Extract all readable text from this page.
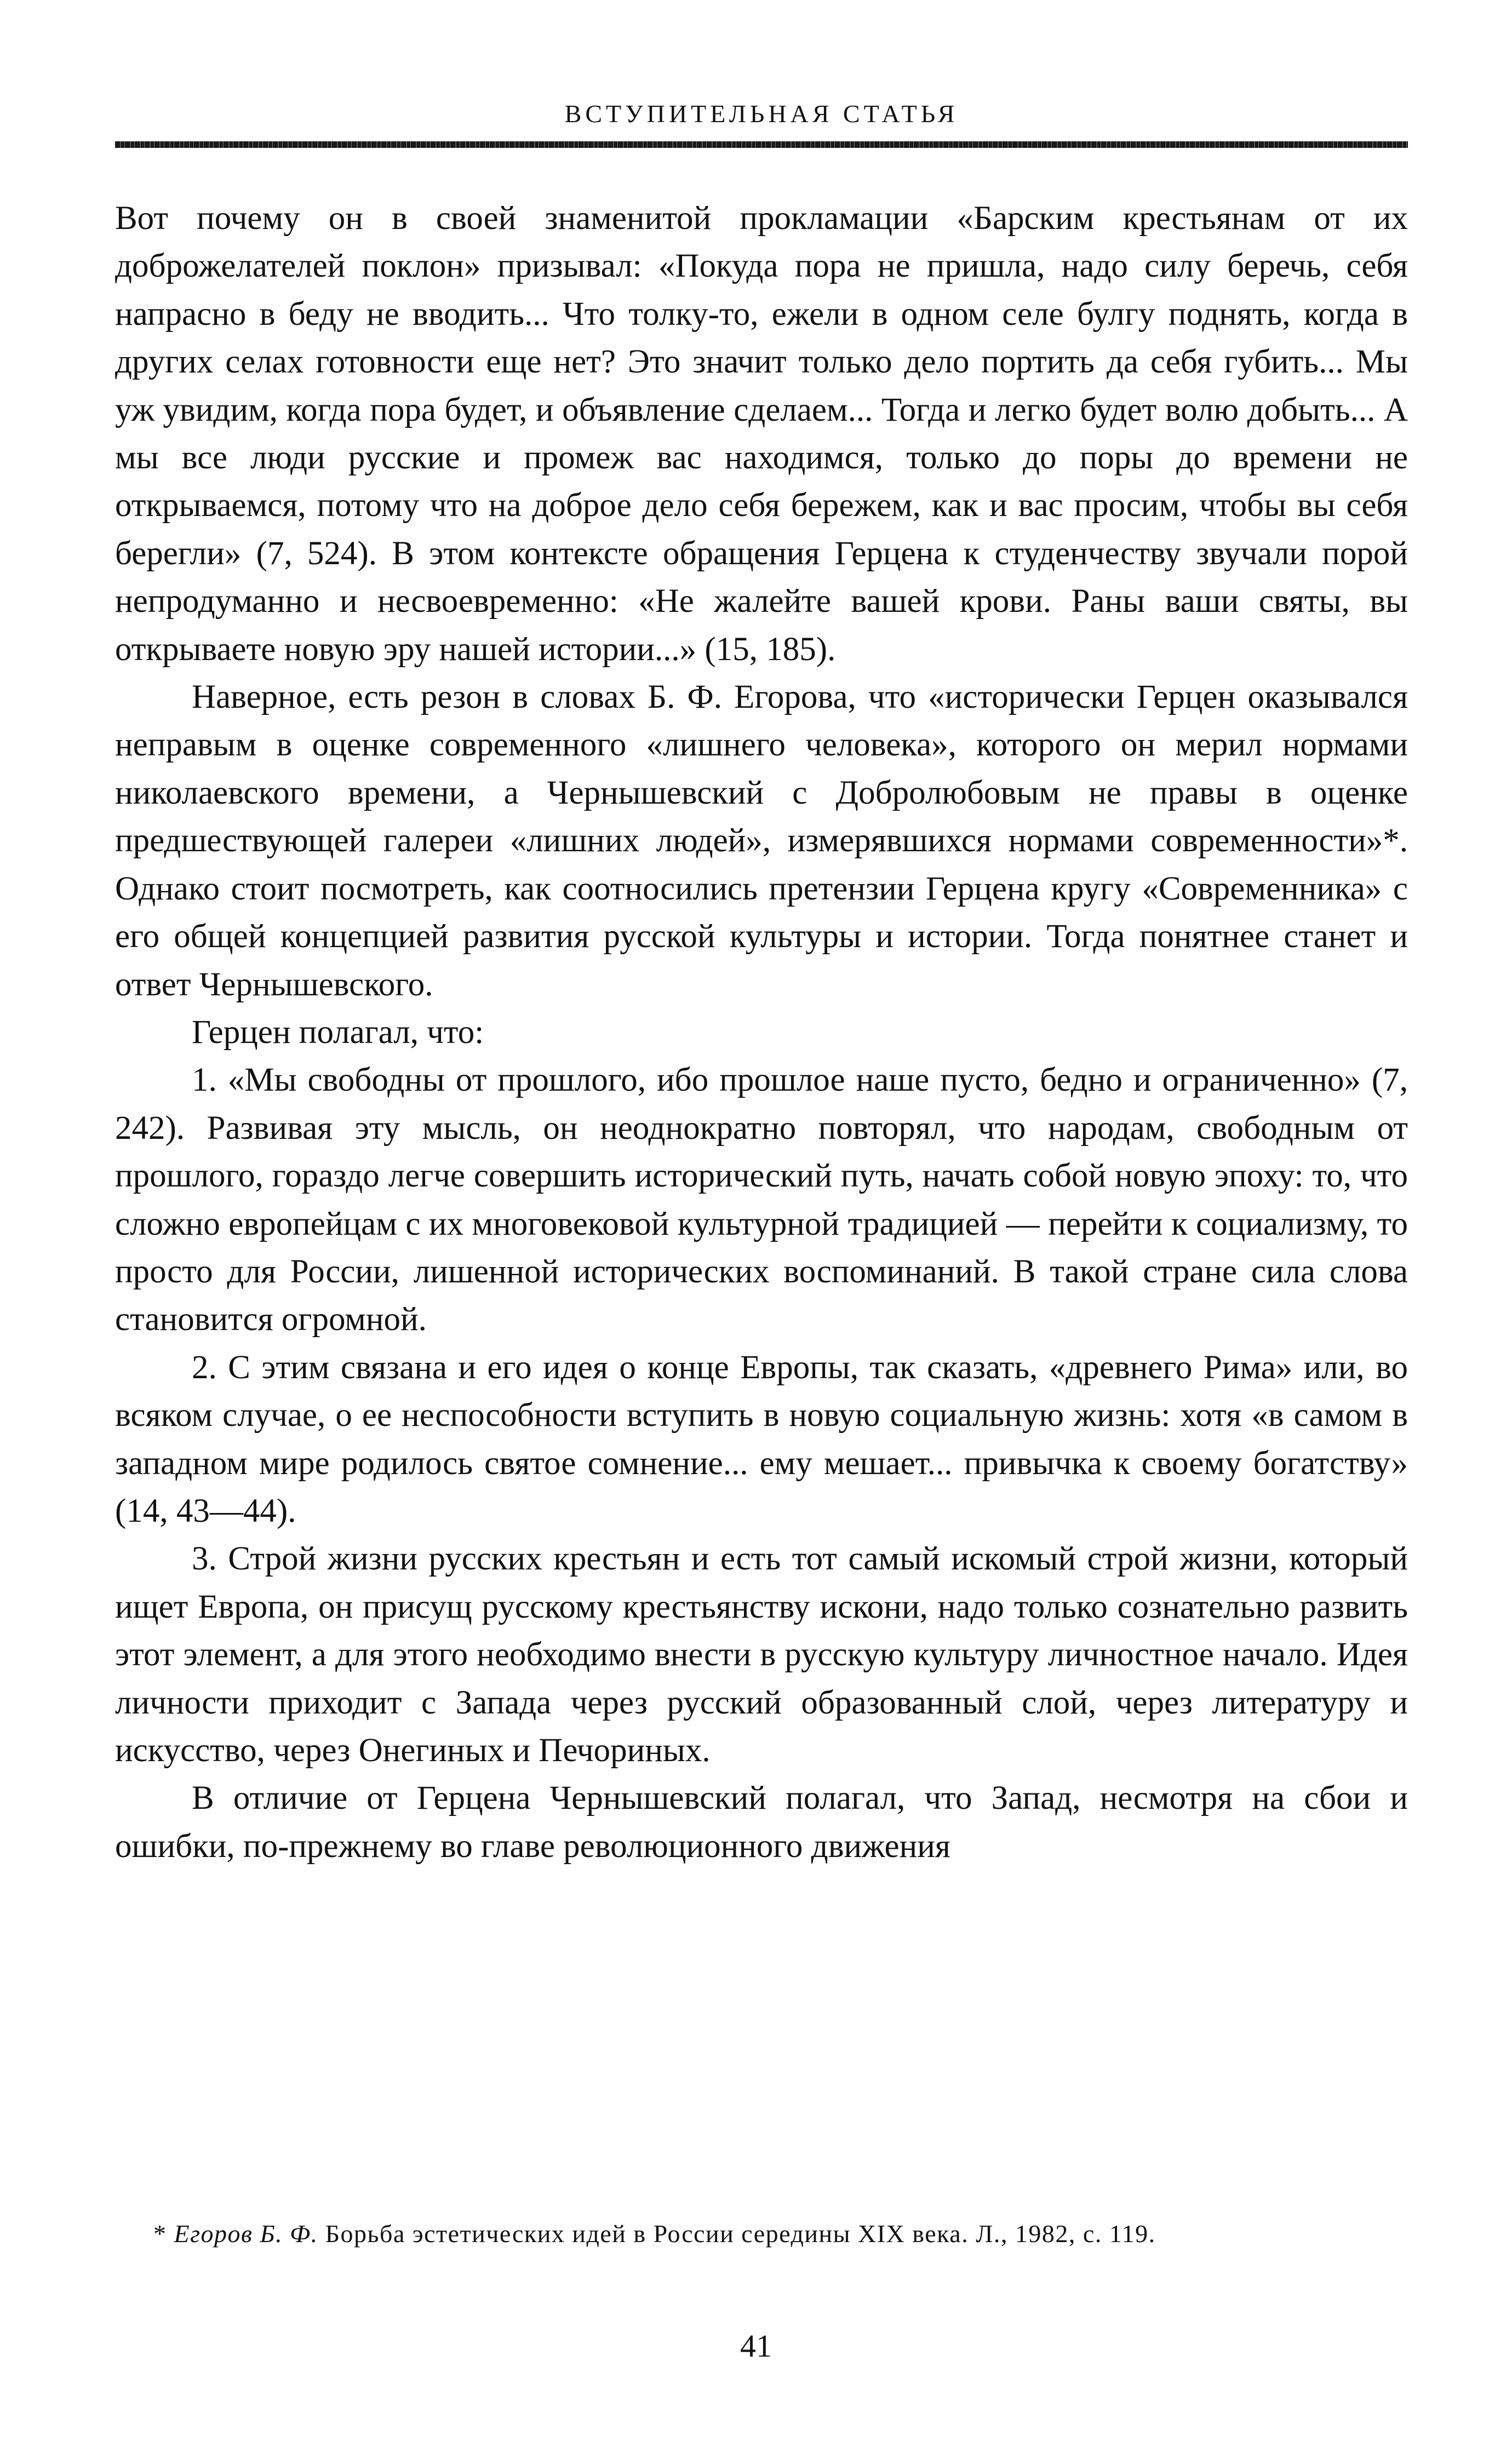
ВСТУПИТЕЛЬНАЯ СТАТЬЯ

Вот почему он в своей знаменитой прокламации «Барским крестьянам от их доброжелателей поклон» призывал: «Покуда пора не пришла, надо силу беречь, себя напрасно в беду не вводить... Что толку-то, ежели в одном селе булгу поднять, когда в других селах готовности еще нет? Это значит только дело портить да себя губить... Мы уж увидим, когда пора будет, и объявление сделаем... Тогда и легко будет волю добыть... А мы все люди русские и промеж вас находимся, только до поры до времени не открываемся, потому что на доброе дело себя бережем, как и вас просим, чтобы вы себя берегли» (7, 524). В этом контексте обращения Герцена к студенчеству звучали порой непродуманно и несвоевременно: «Не жалейте вашей крови. Раны ваши святы, вы открываете новую эру нашей истории...» (15, 185).

Наверное, есть резон в словах Б. Ф. Егорова, что «исторически Герцен оказывался неправым в оценке современного «лишнего человека», которого он мерил нормами николаевского времени, а Чернышевский с Добролюбовым не правы в оценке предшествующей галереи «лишних людей», измерявшихся нормами современности»*. Однако стоит посмотреть, как соотносились претензии Герцена кругу «Современника» с его общей концепцией развития русской культуры и истории. Тогда понятнее станет и ответ Чернышевского.

Герцен полагал, что:

1. «Мы свободны от прошлого, ибо прошлое наше пусто, бедно и ограниченно» (7, 242). Развивая эту мысль, он неоднократно повторял, что народам, свободным от прошлого, гораздо легче совершить исторический путь, начать собой новую эпоху: то, что сложно европейцам с их многовековой культурной традицией — перейти к социализму, то просто для России, лишенной исторических воспоминаний. В такой стране сила слова становится огромной.

2. С этим связана и его идея о конце Европы, так сказать, «древнего Рима» или, во всяком случае, о ее неспособности вступить в новую социальную жизнь: хотя «в самом в западном мире родилось святое сомнение... ему мешает... привычка к своему богатству» (14, 43—44).

3. Строй жизни русских крестьян и есть тот самый искомый строй жизни, который ищет Европа, он присущ русскому крестьянству искони, надо только сознательно развить этот элемент, а для этого необходимо внести в русскую культуру личностное начало. Идея личности приходит с Запада через русский образованный слой, через литературу и искусство, через Онегиных и Печориных.

В отличие от Герцена Чернышевский полагал, что Запад, несмотря на сбои и ошибки, по-прежнему во главе революционного движения

* Егоров Б. Ф. Борьба эстетических идей в России середины XIX века. Л., 1982, с. 119.
41
